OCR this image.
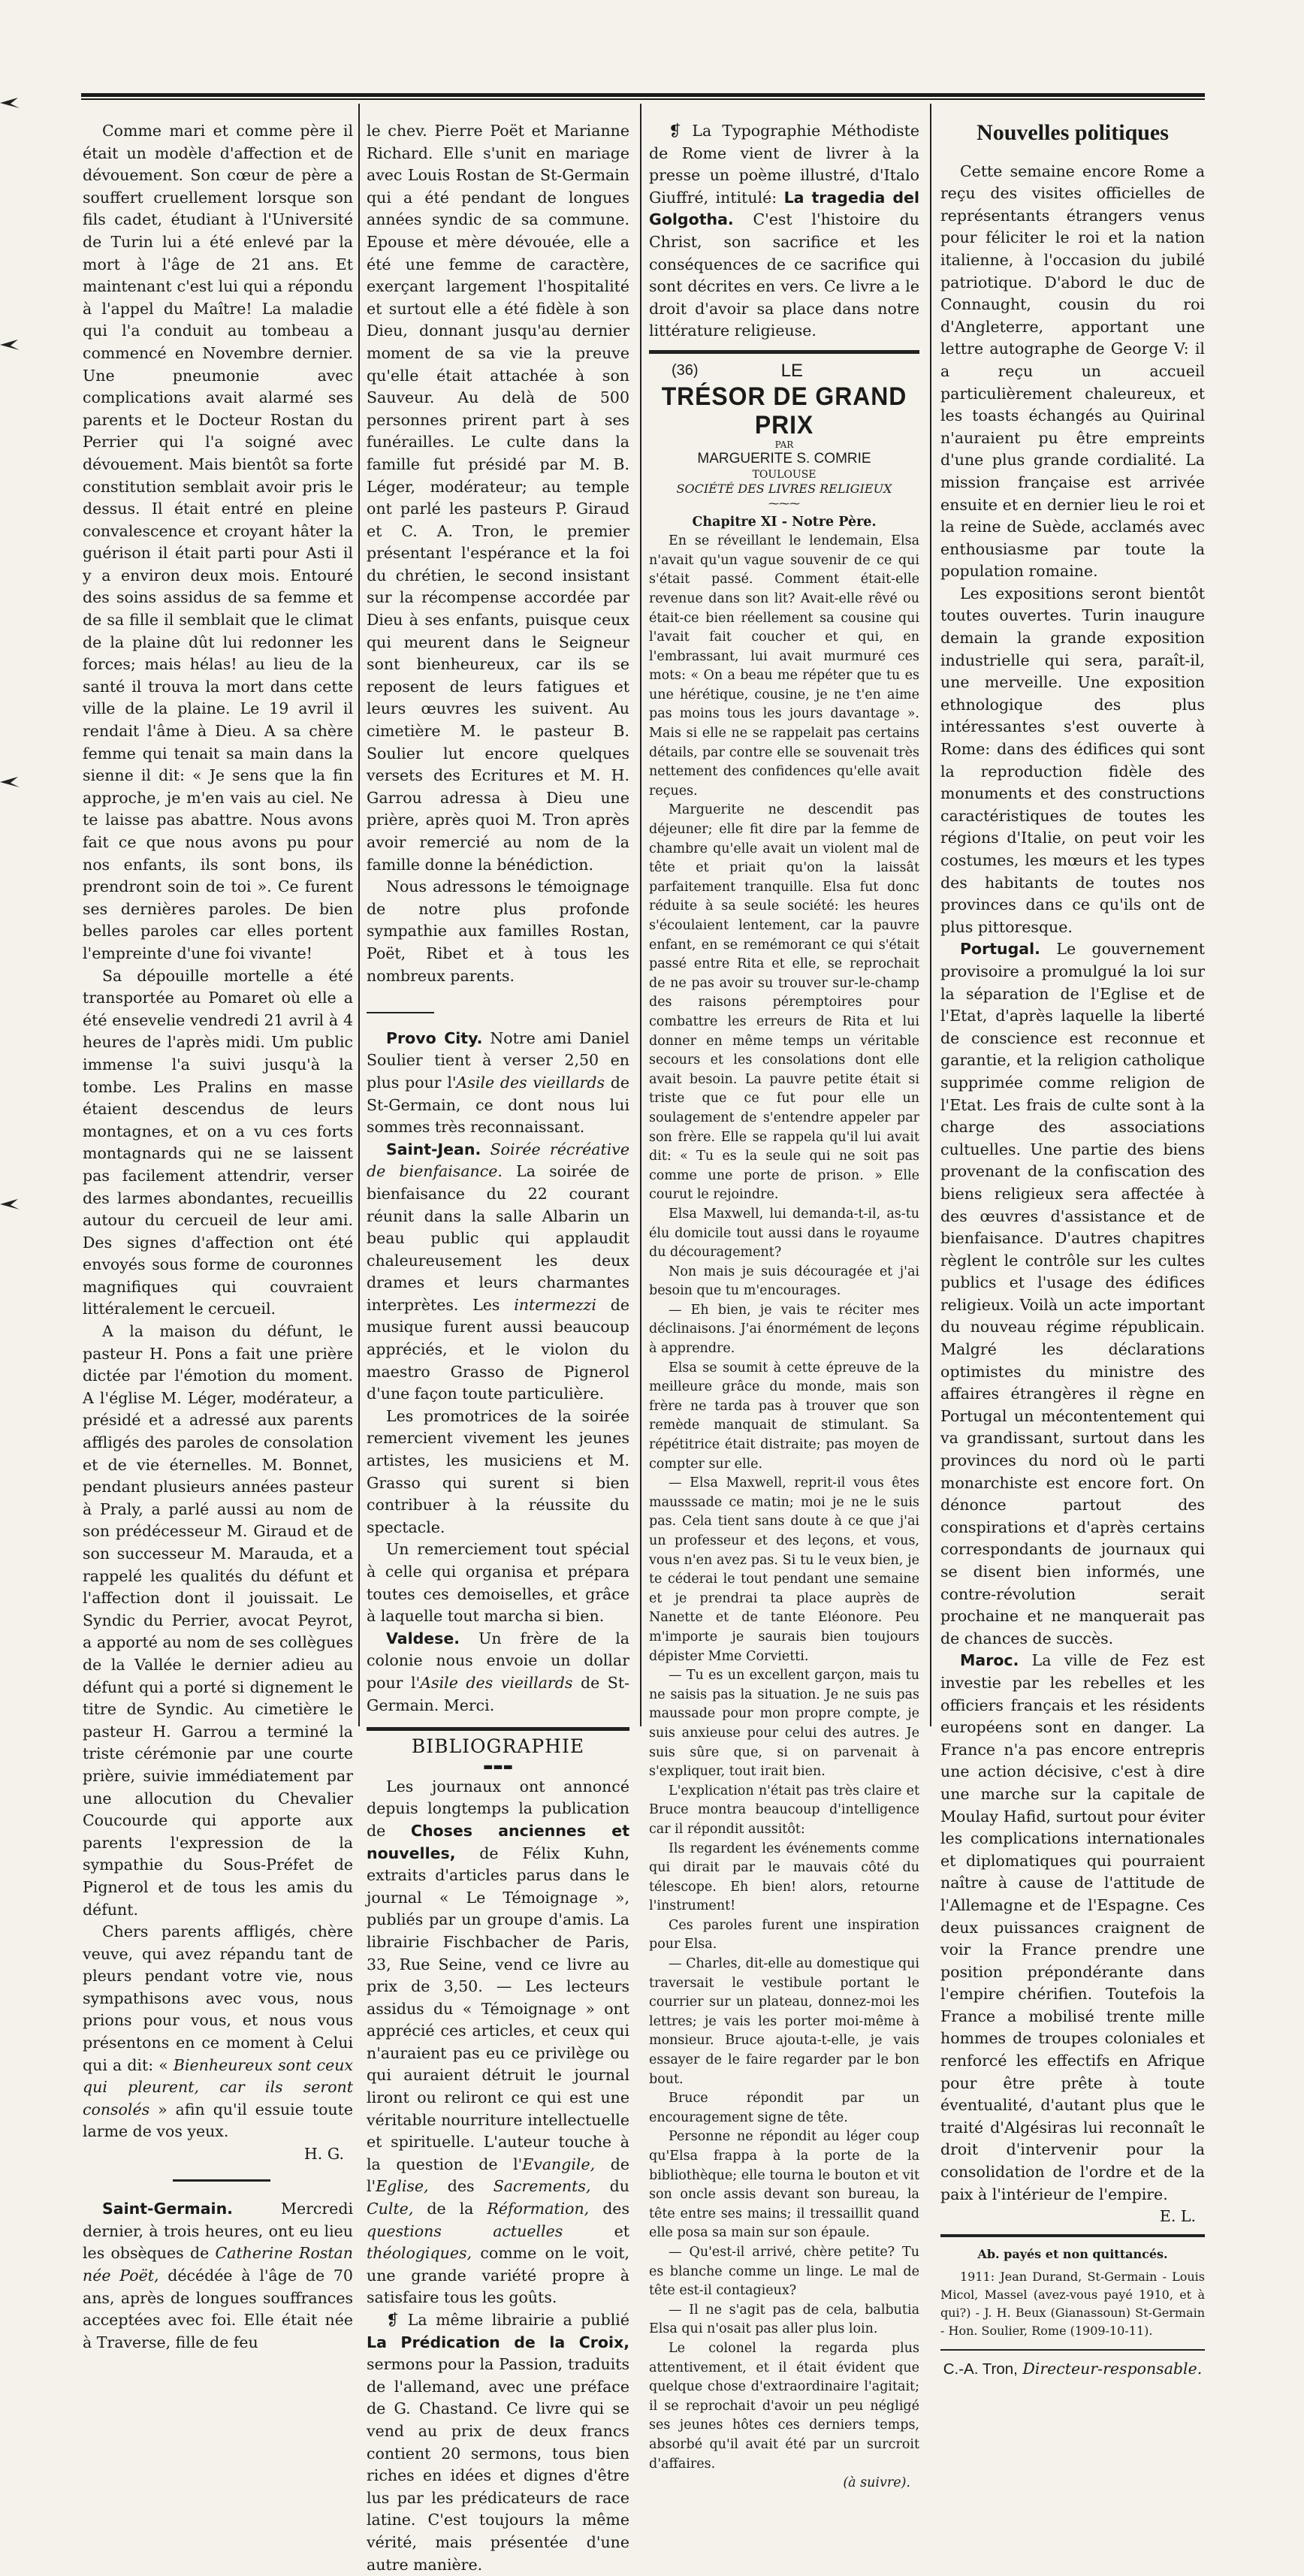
Comme mari et comme père il était un modèle d'affection et de dévouement. Son cœur de père a souffert cruellement lorsque son fils cadet, étudiant à l'Université de Turin lui a été enlevé par la mort à l'âge de 21 ans. Et maintenant c'est lui qui a répondu à l'appel du Maître! La maladie qui l'a conduit au tombeau a commencé en Novembre dernier. Une pneumonie avec complications avait alarmé ses parents et le Docteur Rostan du Perrier qui l'a soigné avec dévouement. Mais bientôt sa forte constitution semblait avoir pris le dessus. Il était entré en pleine convalescence et croyant hâter la guérison il était parti pour Asti il y a environ deux mois. Entouré des soins assidus de sa femme et de sa fille il semblait que le climat de la plaine dût lui redonner les forces; mais hélas! au lieu de la santé il trouva la mort dans cette ville de la plaine. Le 19 avril il rendait l'âme à Dieu. A sa chère femme qui tenait sa main dans la sienne il dit: « Je sens que la fin approche, je m'en vais au ciel. Ne te laisse pas abattre. Nous avons fait ce que nous avons pu pour nos enfants, ils sont bons, ils prendront soin de toi ». Ce furent ses dernières paroles. De bien belles paroles car elles portent l'empreinte d'une foi vivante!

Sa dépouille mortelle a été transportée au Pomaret où elle a été ensevelie vendredi 21 avril à 4 heures de l'après midi. Um public immense l'a suivi jusqu'à la tombe. Les Pralins en masse étaient descendus de leurs montagnes, et on a vu ces forts montagnards qui ne se laissent pas facilement attendrir, verser des larmes abondantes, recueillis autour du cercueil de leur ami. Des signes d'affection ont été envoyés sous forme de couronnes magnifiques qui couvraient littéralement le cercueil.

A la maison du défunt, le pasteur H. Pons a fait une prière dictée par l'émotion du moment. A l'église M. Léger, modérateur, a présidé et a adressé aux parents affligés des paroles de consolation et de vie éternelles. M. Bonnet, pendant plusieurs années pasteur à Praly, a parlé aussi au nom de son prédécesseur M. Giraud et de son successeur M. Marauda, et a rappelé les qualités du défunt et l'affection dont il jouissait. Le Syndic du Perrier, avocat Peyrot, a apporté au nom de ses collègues de la Vallée le dernier adieu au défunt qui a porté si dignement le titre de Syndic. Au cimetière le pasteur H. Garrou a terminé la triste cérémonie par une courte prière, suivie immédiatement par une allocution du Chevalier Coucourde qui apporte aux parents l'expression de la sympathie du Sous-Préfet de Pignerol et de tous les amis du défunt.

Chers parents affligés, chère veuve, qui avez répandu tant de pleurs pendant votre vie, nous sympathisons avec vous, nous prions pour vous, et nous vous présentons en ce moment à Celui qui a dit: « Bienheureux sont ceux qui pleurent, car ils seront consolés » afin qu'il essuie toute larme de vos yeux.

H. G.

Saint-Germain.	Mercredi dernier, à trois heures, ont eu lieu les obsèques de Catherine Rostan née Poët, décédée à l'âge de 70 ans, après de longues souffrances acceptées avec foi. Elle était née à Traverse, fille de feu

le chev. Pierre Poët et Marianne Richard. Elle s'unit en mariage avec Louis Rostan de St-Germain qui a été pendant de longues années syndic de sa commune. Epouse et mère dévouée, elle a été une femme de caractère, exerçant largement l'hospitalité et surtout elle a été fidèle à son Dieu, donnant jusqu'au dernier moment de sa vie la preuve qu'elle était attachée à son Sauveur. Au delà de 500 personnes prirent part à ses funérailles. Le culte dans la famille fut présidé par M. B. Léger, modérateur; au temple ont parlé les pasteurs P. Giraud et C. A. Tron, le premier présentant l'espérance et la foi du chrétien, le second insistant sur la récompense accordée par Dieu à ses enfants, puisque ceux qui meurent dans le Seigneur sont bienheureux, car ils se reposent de leurs fatigues et leurs œuvres les suivent. Au cimetière M. le pasteur B. Soulier lut encore quelques versets des Ecritures et M. H. Garrou adressa à Dieu une prière, après quoi M. Tron après avoir remercié au nom de la famille donne la bénédiction.

Nous adressons le témoignage de notre plus profonde sympathie aux familles Rostan, Poët, Ribet et à tous les nombreux parents.

Provo City. Notre ami Daniel Soulier tient à verser 2,50 en plus pour l'Asile des vieillards de St-Germain, ce dont nous lui sommes très reconnaissant.

Saint-Jean. Soirée récréative de bienfaisance. La soirée de bienfaisance du 22 courant réunit dans la salle Albarin un beau public qui applaudit chaleureusement les deux drames et leurs charmantes interprètes. Les intermezzi de musique furent aussi beaucoup appréciés, et le violon du maestro Grasso de Pignerol d'une façon toute particulière.

Les promotrices de la soirée remercient vivement les jeunes artistes, les musiciens et M. Grasso qui surent si bien contribuer à la réussite du spectacle.

Un remerciement tout spécial à celle qui organisa et prépara toutes ces demoiselles, et grâce à laquelle tout marcha si bien.

Valdese. Un frère de la colonie nous envoie un dollar pour l'Asile des vieillards de St-Germain. Merci.

BIBLIOGRAPHIE
▬▬▬

Les journaux ont annoncé depuis longtemps la publication de Choses anciennes et nouvelles, de Félix Kuhn, extraits d'articles parus dans le journal « Le Témoignage », publiés par un groupe d'amis. La librairie Fischbacher de Paris, 33, Rue Seine, vend ce livre au prix de 3,50. — Les lecteurs assidus du « Témoignage » ont apprécié ces articles, et ceux qui n'auraient pas eu ce privilège ou qui auraient détruit le journal liront ou reliront ce qui est une véritable nourriture intellectuelle et spirituelle. L'auteur touche à la question de l'Evangile, de l'Eglise, des Sacrements, du Culte, de la Réformation, des questions actuelles	et théologiques, comme on le voit, une grande variété propre à satisfaire tous les goûts.

❡ La même librairie a publié La Prédication de la Croix, sermons pour la Passion, traduits de l'allemand, avec une préface de G. Chastand. Ce livre qui se vend au prix de deux francs contient 20 sermons, tous bien riches en idées et dignes d'être lus par les prédicateurs de race latine. C'est toujours la même vérité, mais présentée d'une autre manière.

❡ La Typographie Méthodiste de Rome vient de livrer à la presse un poème illustré, d'Italo Giuffré, intitulé: La tragedia del Golgotha. C'est l'histoire du Christ, son sacrifice et les conséquences de ce sacrifice qui sont décrites en vers. Ce livre a le droit d'avoir sa place dans notre littérature religieuse.

(36)	LE
TRÉSOR DE GRAND PRIX

PAR

MARGUERITE S. COMRIE

TOULOUSE

SOCIÉTÉ DES LIVRES RELIGIEUX

⁓⁓⁓

Chapitre XI - Notre Père.

En se réveillant le lendemain, Elsa n'avait qu'un vague souvenir de ce qui s'était passé. Comment était-elle revenue dans son lit? Avait-elle rêvé ou était-ce bien réellement sa cousine qui l'avait fait coucher et qui, en l'embrassant, lui avait murmuré ces mots: « On a beau me répéter que tu es une hérétique, cousine, je ne t'en aime pas moins tous les jours davantage ». Mais si elle ne se rappelait pas certains détails, par contre elle se souvenait très nettement des confidences qu'elle avait reçues.

Marguerite ne descendit pas déjeuner; elle fit dire par la femme de chambre qu'elle avait un violent mal de tête et priait qu'on la laissât parfaitement tranquille. Elsa fut donc réduite à sa seule société: les heures s'écoulaient lentement, car la pauvre enfant, en se remémorant ce qui s'était passé entre Rita et elle, se reprochait de ne pas avoir su trouver sur-le-champ des raisons péremptoires pour combattre les erreurs de Rita et lui donner en même temps un véritable secours et les consolations dont elle avait besoin. La pauvre petite était si triste que ce fut pour elle un soulagement de s'entendre appeler par son frère. Elle se rappela qu'il lui avait dit: « Tu es la seule qui ne soit pas comme une porte de prison. » Elle courut le rejoindre.

Elsa Maxwell, lui demanda-t-il, as-tu élu domicile tout aussi dans le royaume du découragement?

Non mais je suis découragée et j'ai besoin que tu m'encourages.

— Eh bien, je vais te réciter mes déclinaisons. J'ai énormément de leçons à apprendre.

Elsa se soumit à cette épreuve de la meilleure grâce du monde, mais son frère ne tarda pas à trouver que son remède manquait de stimulant. Sa répétitrice était distraite; pas moyen de compter sur elle.

— Elsa Maxwell, reprit-il vous êtes mausssade ce matin; moi je ne le suis pas. Cela tient sans doute à ce que j'ai un professeur et des leçons, et vous, vous n'en avez pas. Si tu le veux bien, je te céderai le tout pendant une semaine et je prendrai ta place auprès de Nanette et de tante Eléonore. Peu m'importe je saurais bien toujours dépister Mme Corvietti.

— Tu es un excellent garçon, mais tu ne saisis pas la situation. Je ne suis pas maussade pour mon propre compte, je suis anxieuse pour celui des autres. Je suis sûre que, si on parvenait à s'expliquer, tout irait bien.

L'explication n'était pas très claire et Bruce montra beaucoup d'intelligence car il répondit aussitôt:

Ils regardent les événements comme qui dirait par le mauvais côté du télescope. Eh bien! alors, retourne l'instrument!

Ces paroles furent une inspiration pour Elsa.

— Charles, dit-elle au domestique qui traversait le vestibule portant le courrier sur un plateau, donnez-moi les lettres; je vais les porter moi-même à monsieur. Bruce ajouta-t-elle, je vais essayer de le faire regarder par le bon bout.

Bruce répondit par un encouragement signe de tête.

Personne ne répondit au léger coup qu'Elsa frappa à la porte de la bibliothèque; elle tourna le bouton et vit son oncle assis devant son bureau, la tête entre ses mains; il tressaillit quand elle posa sa main sur son épaule.

— Qu'est-il arrivé, chère petite? Tu es blanche comme un linge. Le mal de tête est-il contagieux?

— Il ne s'agit pas de cela, balbutia Elsa qui n'osait pas aller plus loin.

Le colonel la regarda plus attentivement, et il était évident que quelque chose d'extraordinaire l'agitait; il se reprochait d'avoir un peu négligé ses jeunes hôtes ces derniers temps, absorbé qu'il avait été par un surcroit d'affaires.

(à suivre).

Nouvelles politiques

Cette semaine encore Rome a reçu des visites officielles de représentants étrangers venus pour féliciter le roi et la nation italienne, à l'occasion du jubilé patriotique. D'abord le duc de Connaught, cousin du roi d'Angleterre, apportant une lettre autographe de George V: il a reçu un accueil particulièrement chaleureux, et les toasts échangés au Quirinal n'auraient pu être empreints d'une plus grande cordialité. La mission française est arrivée ensuite et en dernier lieu le roi et la reine de Suède, acclamés avec enthousiasme par toute la population romaine.

Les expositions seront bientôt toutes ouvertes. Turin inaugure demain la grande exposition industrielle qui sera, paraît-il, une merveille. Une exposition ethnologique des plus intéressantes s'est ouverte à Rome: dans des édifices qui sont la reproduction fidèle des monuments et des constructions caractéristiques de toutes les régions d'Italie, on peut voir les costumes, les mœurs et les types des habitants de toutes nos provinces dans ce qu'ils ont de plus pittoresque.

Portugal. Le gouvernement provisoire a promulgué la loi sur la séparation de l'Eglise et de l'Etat, d'après laquelle la liberté de conscience est reconnue et garantie, et la religion catholique supprimée comme religion de l'Etat. Les frais de culte sont à la charge des associations cultuelles. Une partie des biens provenant de la confiscation des biens religieux sera affectée à des œuvres d'assistance et de bienfaisance. D'autres chapitres règlent le contrôle sur les cultes publics et l'usage des édifices religieux. Voilà un acte important du nouveau régime républicain. Malgré les déclarations optimistes du ministre des affaires étrangères il règne en Portugal un mécontentement qui va grandissant, surtout dans les provinces du nord où le parti monarchiste est encore fort. On dénonce partout des conspirations et d'après certains correspondants de journaux qui se disent bien informés, une contre-révolution serait prochaine et ne manquerait pas de chances de succès.

Maroc. La ville de Fez est investie par les rebelles et les officiers français et les résidents européens sont en danger. La France n'a pas encore entrepris une action décisive, c'est à dire une marche sur la capitale de Moulay Hafid, surtout pour éviter les complications internationales et diplomatiques qui pourraient naître à cause de l'attitude de l'Allemagne et de l'Espagne. Ces deux puissances craignent de voir la France prendre une position prépondérante dans l'empire chérifien. Toutefois la France a mobilisé trente mille hommes de troupes coloniales et renforcé les effectifs en Afrique pour être prête à toute éventualité, d'autant plus que le traité d'Algésiras lui reconnaît le droit d'intervenir pour la consolidation de l'ordre et de la paix à l'intérieur de l'empire.

E. L.

Ab. payés et non quittancés.

1911: Jean Durand, St-Germain - Louis Micol, Massel (avez-vous payé 1910, et à qui?) - J. H. Beux (Gianassoun) St-Germain - Hon. Soulier, Rome (1909-10-11).

C.-A. Tron, Directeur-responsable.
